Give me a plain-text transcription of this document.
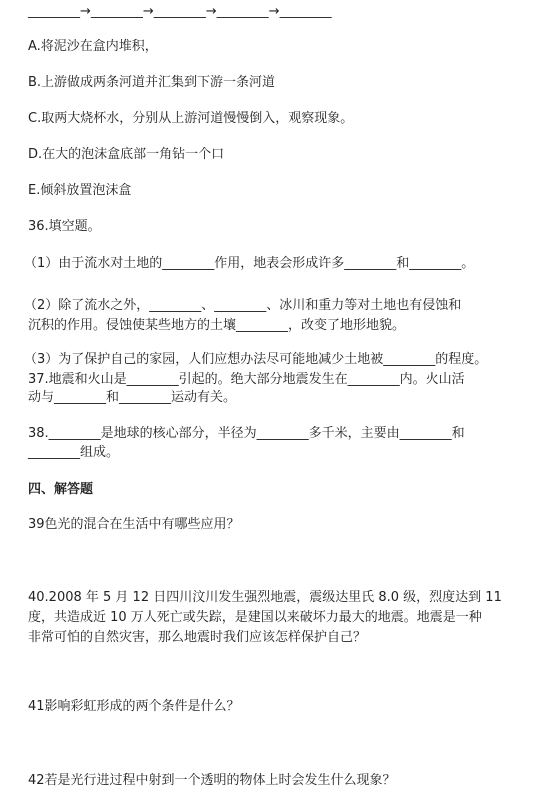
________→________→________→________→________
A.将泥沙在盒内堆积，
B.上游做成两条河道并汇集到下游一条河道
C.取两大烧杯水，分别从上游河道慢慢倒入，观察现象。
D.在大的泡沫盒底部一角钻一个口
E.倾斜放置泡沫盒
36.填空题。
（1）由于流水对土地的________作用，地表会形成许多________和________。
（2）除了流水之外，________、________、冰川和重力等对土地也有侵蚀和
沉积的作用。侵蚀使某些地方的土壤________，改变了地形地貌。
（3）为了保护自己的家园，人们应想办法尽可能地减少土地被________的程度。
37.地震和火山是________引起的。绝大部分地震发生在________内。火山活
动与________和________运动有关。
38.________是地球的核心部分，半径为________多千米，主要由________和
________组成。
四、解答题
39色光的混合在生活中有哪些应用？
40.2008 年 5 月 12 日四川汶川发生强烈地震，震级达里氏 8.0 级，烈度达到 11
度，共造成近 10 万人死亡或失踪，是建国以来破坏力最大的地震。地震是一种
非常可怕的自然灾害，那么地震时我们应该怎样保护自己？
41影响彩虹形成的两个条件是什么？
42若是光行进过程中射到一个透明的物体上时会发生什么现象？
